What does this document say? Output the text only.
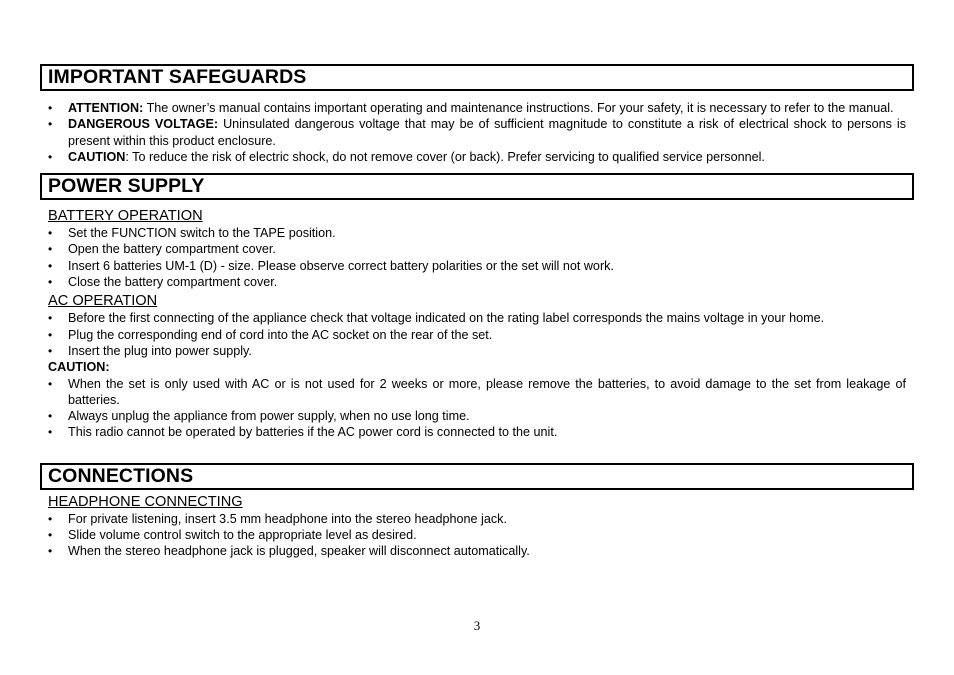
IMPORTANT SAFEGUARDS
• ATTENTION: The owner’s manual contains important operating and maintenance instructions. For your safety, it is necessary to refer to the manual.
• DANGEROUS VOLTAGE: Uninsulated dangerous voltage that may be of sufficient magnitude to constitute a risk of electrical shock to persons is present within this product enclosure.
• CAUTION: To reduce the risk of electric shock, do not remove cover (or back). Prefer servicing to qualified service personnel.
POWER SUPPLY
BATTERY OPERATION
• Set the FUNCTION switch to the TAPE position.
• Open the battery compartment cover.
• Insert 6 batteries UM-1 (D) - size. Please observe correct battery polarities or the set will not work.
• Close the battery compartment cover.
AC OPERATION
• Before the first connecting of the appliance check that voltage indicated on the rating label corresponds the mains voltage in your home.
• Plug the corresponding end of cord into the AC socket on the rear of the set.
• Insert the plug into power supply.
CAUTION:
• When the set is only used with AC or is not used for 2 weeks or more, please remove the batteries, to avoid damage to the set from leakage of batteries.
• Always unplug the appliance from power supply, when no use long time.
• This radio cannot be operated by batteries if the AC power cord is connected to the unit.
CONNECTIONS
HEADPHONE CONNECTING
• For private listening, insert 3.5 mm headphone into the stereo headphone jack.
• Slide volume control switch to the appropriate level as desired.
• When the stereo headphone jack is plugged, speaker will disconnect automatically.
3
